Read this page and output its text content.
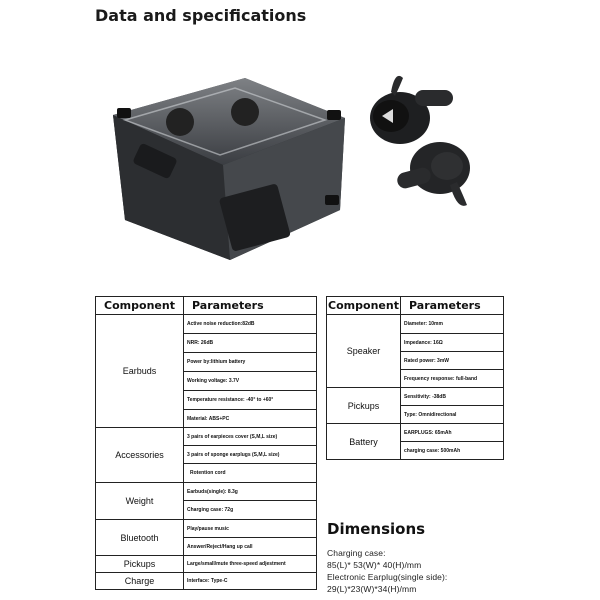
Data and specifications
Component	Parameters
Earbuds	Active noise reduction:82dB
	NRR: 26dB
	Power by:lithium battery
	Working voltage: 3.7V
	Temperature resistance: -40° to +60°
	Material: ABS+PC
Accessories	3 pairs of earpieces cover (S,M,L size)
	3 pairs of sponge earplugs (S,M,L size)
	Rotention cord
Weight	Earbuds(single): 8.3g
	Charging case: 72g
Bluetooth	Play/pause music
	Answer/Reject/Hang up call
Pickups	Large/small/mute three-speed adjestment
Charge	Interface: Type-C
Component	Parameters
Speaker	Diameter: 10mm
	Impedance: 16Ω
	Rated power: 3mW
	Frequency response: full-band
Pickups	Sensitivity: -38dB
	Type: Omnidirectional
Battery	EARPLUGS: 65mAh
	charging case: 500mAh
Dimensions
Charging case:
85(L)* 53(W)* 40(H)/mm
Electronic Earplug(single side):
29(L)*23(W)*34(H)/mm
